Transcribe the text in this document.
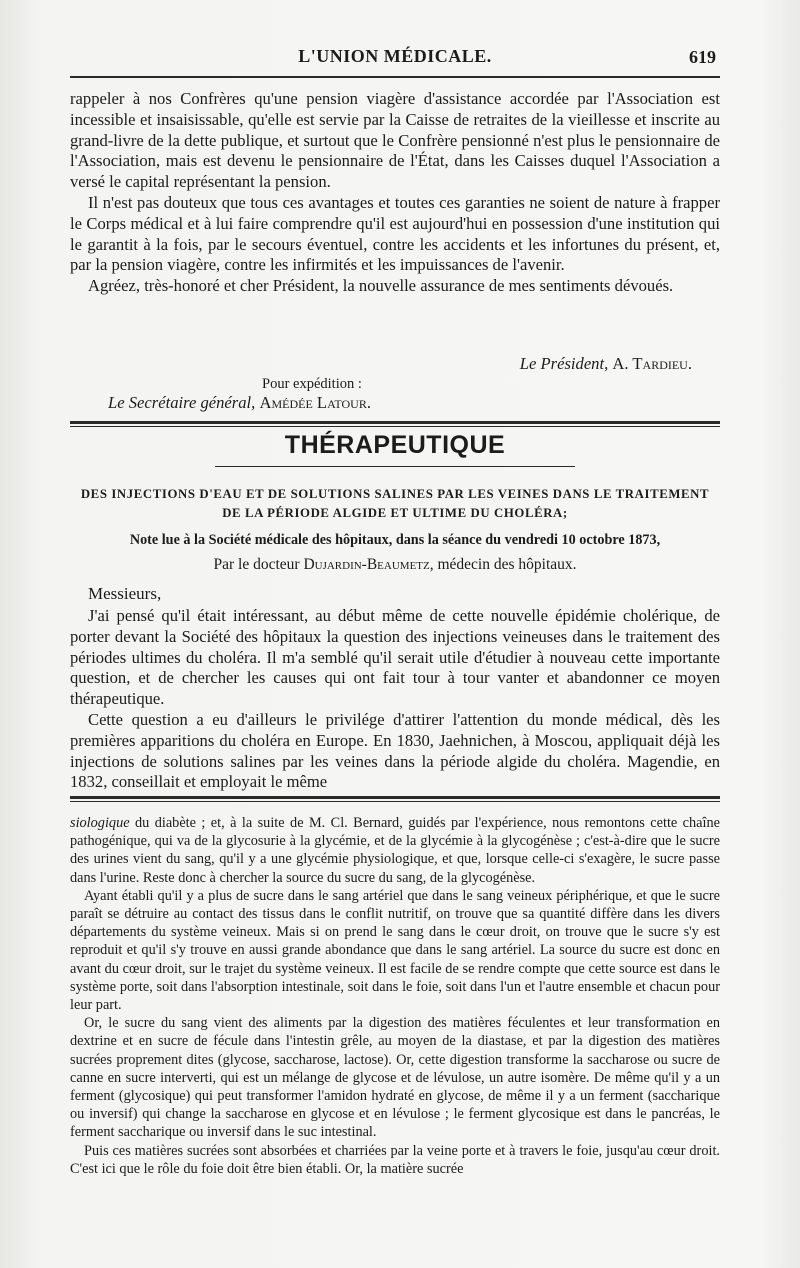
L'UNION MÉDICALE.	619

rappeler à nos Confrères qu'une pension viagère d'assistance accordée par l'Association est incessible et insaisissable, qu'elle est servie par la Caisse de retraites de la vieillesse et inscrite au grand-livre de la dette publique, et surtout que le Confrère pensionné n'est plus le pensionnaire de l'Association, mais est devenu le pensionnaire de l'État, dans les Caisses duquel l'Association a versé le capital représentant la pension.

Il n'est pas douteux que tous ces avantages et toutes ces garanties ne soient de nature à frapper le Corps médical et à lui faire comprendre qu'il est aujourd'hui en possession d'une institution qui le garantit à la fois, par le secours éventuel, contre les accidents et les infortunes du présent, et, par la pension viagère, contre les infirmités et les impuissances de l'avenir.

Agréez, très-honoré et cher Président, la nouvelle assurance de mes sentiments dévoués.

Le Président, A. Tardieu.
Pour expédition :
Le Secrétaire général, Amédée Latour.
THÉRAPEUTIQUE
DES INJECTIONS D'EAU ET DE SOLUTIONS SALINES PAR LES VEINES DANS LE TRAITEMENT
DE LA PÉRIODE ALGIDE ET ULTIME DU CHOLÉRA;
Note lue à la Société médicale des hôpitaux, dans la séance du vendredi 10 octobre 1873,
Par le docteur Dujardin-Beaumetz, médecin des hôpitaux.
Messieurs,

J'ai pensé qu'il était intéressant, au début même de cette nouvelle épidémie cholérique, de porter devant la Société des hôpitaux la question des injections veineuses dans le traitement des périodes ultimes du choléra. Il m'a semblé qu'il serait utile d'étudier à nouveau cette importante question, et de chercher les causes qui ont fait tour à tour vanter et abandonner ce moyen thérapeutique.

Cette question a eu d'ailleurs le privilége d'attirer l'attention du monde médical, dès les premières apparitions du choléra en Europe. En 1830, Jaehnichen, à Moscou, appliquait déjà les injections de solutions salines par les veines dans la période algide du choléra. Magendie, en 1832, conseillait et employait le même

siologique du diabète ; et, à la suite de M. Cl. Bernard, guidés par l'expérience, nous remontons cette chaîne pathogénique, qui va de la glycosurie à la glycémie, et de la glycémie à la glycogénèse ; c'est-à-dire que le sucre des urines vient du sang, qu'il y a une glycémie physiologique, et que, lorsque celle-ci s'exagère, le sucre passe dans l'urine. Reste donc à chercher la source du sucre du sang, de la glycogénèse.

Ayant établi qu'il y a plus de sucre dans le sang artériel que dans le sang veineux périphérique, et que le sucre paraît se détruire au contact des tissus dans le conflit nutritif, on trouve que sa quantité diffère dans les divers départements du système veineux. Mais si on prend le sang dans le cœur droit, on trouve que le sucre s'y est reproduit et qu'il s'y trouve en aussi grande abondance que dans le sang artériel. La source du sucre est donc en avant du cœur droit, sur le trajet du système veineux. Il est facile de se rendre compte que cette source est dans le système porte, soit dans l'absorption intestinale, soit dans le foie, soit dans l'un et l'autre ensemble et chacun pour leur part.

Or, le sucre du sang vient des aliments par la digestion des matières féculentes et leur transformation en dextrine et en sucre de fécule dans l'intestin grêle, au moyen de la diastase, et par la digestion des matières sucrées proprement dites (glycose, saccharose, lactose). Or, cette digestion transforme la saccharose ou sucre de canne en sucre interverti, qui est un mélange de glycose et de lévulose, un autre isomère. De même qu'il y a un ferment (glycosique) qui peut transformer l'amidon hydraté en glycose, de même il y a un ferment (saccharique ou inversif) qui change la saccharose en glycose et en lévulose ; le ferment glycosique est dans le pancréas, le ferment saccharique ou inversif dans le suc intestinal.

Puis ces matières sucrées sont absorbées et charriées par la veine porte et à travers le foie, jusqu'au cœur droit. C'est ici que le rôle du foie doit être bien établi. Or, la matière sucrée
